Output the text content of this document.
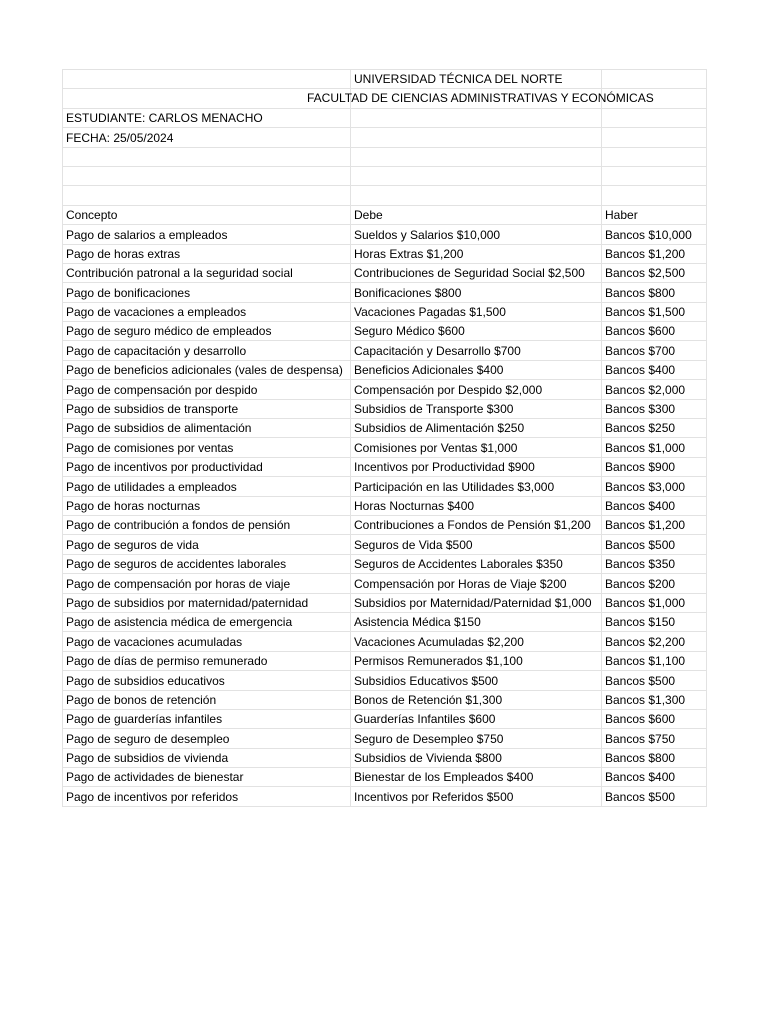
	UNIVERSIDAD TÉCNICA DEL NORTE	

	FACULTAD DE CIENCIAS ADMINISTRATIVAS Y ECONÓMICAS	

ESTUDIANTE: CARLOS MENACHO		
FECHA: 25/05/2024		

Concepto	Debe	Haber
Pago de salarios a empleados	Sueldos y Salarios $10,000	Bancos $10,000
Pago de horas extras	Horas Extras $1,200	Bancos $1,200
Contribución patronal a la seguridad social	Contribuciones de Seguridad Social $2,500	Bancos $2,500
Pago de bonificaciones	Bonificaciones $800	Bancos $800
Pago de vacaciones a empleados	Vacaciones Pagadas $1,500	Bancos $1,500
Pago de seguro médico de empleados	Seguro Médico $600	Bancos $600
Pago de capacitación y desarrollo	Capacitación y Desarrollo $700	Bancos $700
Pago de beneficios adicionales (vales de despensa)	Beneficios Adicionales $400	Bancos $400
Pago de compensación por despido	Compensación por Despido $2,000	Bancos $2,000
Pago de subsidios de transporte	Subsidios de Transporte $300	Bancos $300
Pago de subsidios de alimentación	Subsidios de Alimentación $250	Bancos $250
Pago de comisiones por ventas	Comisiones por Ventas $1,000	Bancos $1,000
Pago de incentivos por productividad	Incentivos por Productividad $900	Bancos $900
Pago de utilidades a empleados	Participación en las Utilidades $3,000	Bancos $3,000
Pago de horas nocturnas	Horas Nocturnas $400	Bancos $400
Pago de contribución a fondos de pensión	Contribuciones a Fondos de Pensión $1,200	Bancos $1,200
Pago de seguros de vida	Seguros de Vida $500	Bancos $500
Pago de seguros de accidentes laborales	Seguros de Accidentes Laborales $350	Bancos $350
Pago de compensación por horas de viaje	Compensación por Horas de Viaje $200	Bancos $200
Pago de subsidios por maternidad/paternidad	Subsidios por Maternidad/Paternidad $1,000	Bancos $1,000
Pago de asistencia médica de emergencia	Asistencia Médica $150	Bancos $150
Pago de vacaciones acumuladas	Vacaciones Acumuladas $2,200	Bancos $2,200
Pago de días de permiso remunerado	Permisos Remunerados $1,100	Bancos $1,100
Pago de subsidios educativos	Subsidios Educativos $500	Bancos $500
Pago de bonos de retención	Bonos de Retención $1,300	Bancos $1,300
Pago de guarderías infantiles	Guarderías Infantiles $600	Bancos $600
Pago de seguro de desempleo	Seguro de Desempleo $750	Bancos $750
Pago de subsidios de vivienda	Subsidios de Vivienda $800	Bancos $800
Pago de actividades de bienestar	Bienestar de los Empleados $400	Bancos $400
Pago de incentivos por referidos	Incentivos por Referidos $500	Bancos $500
